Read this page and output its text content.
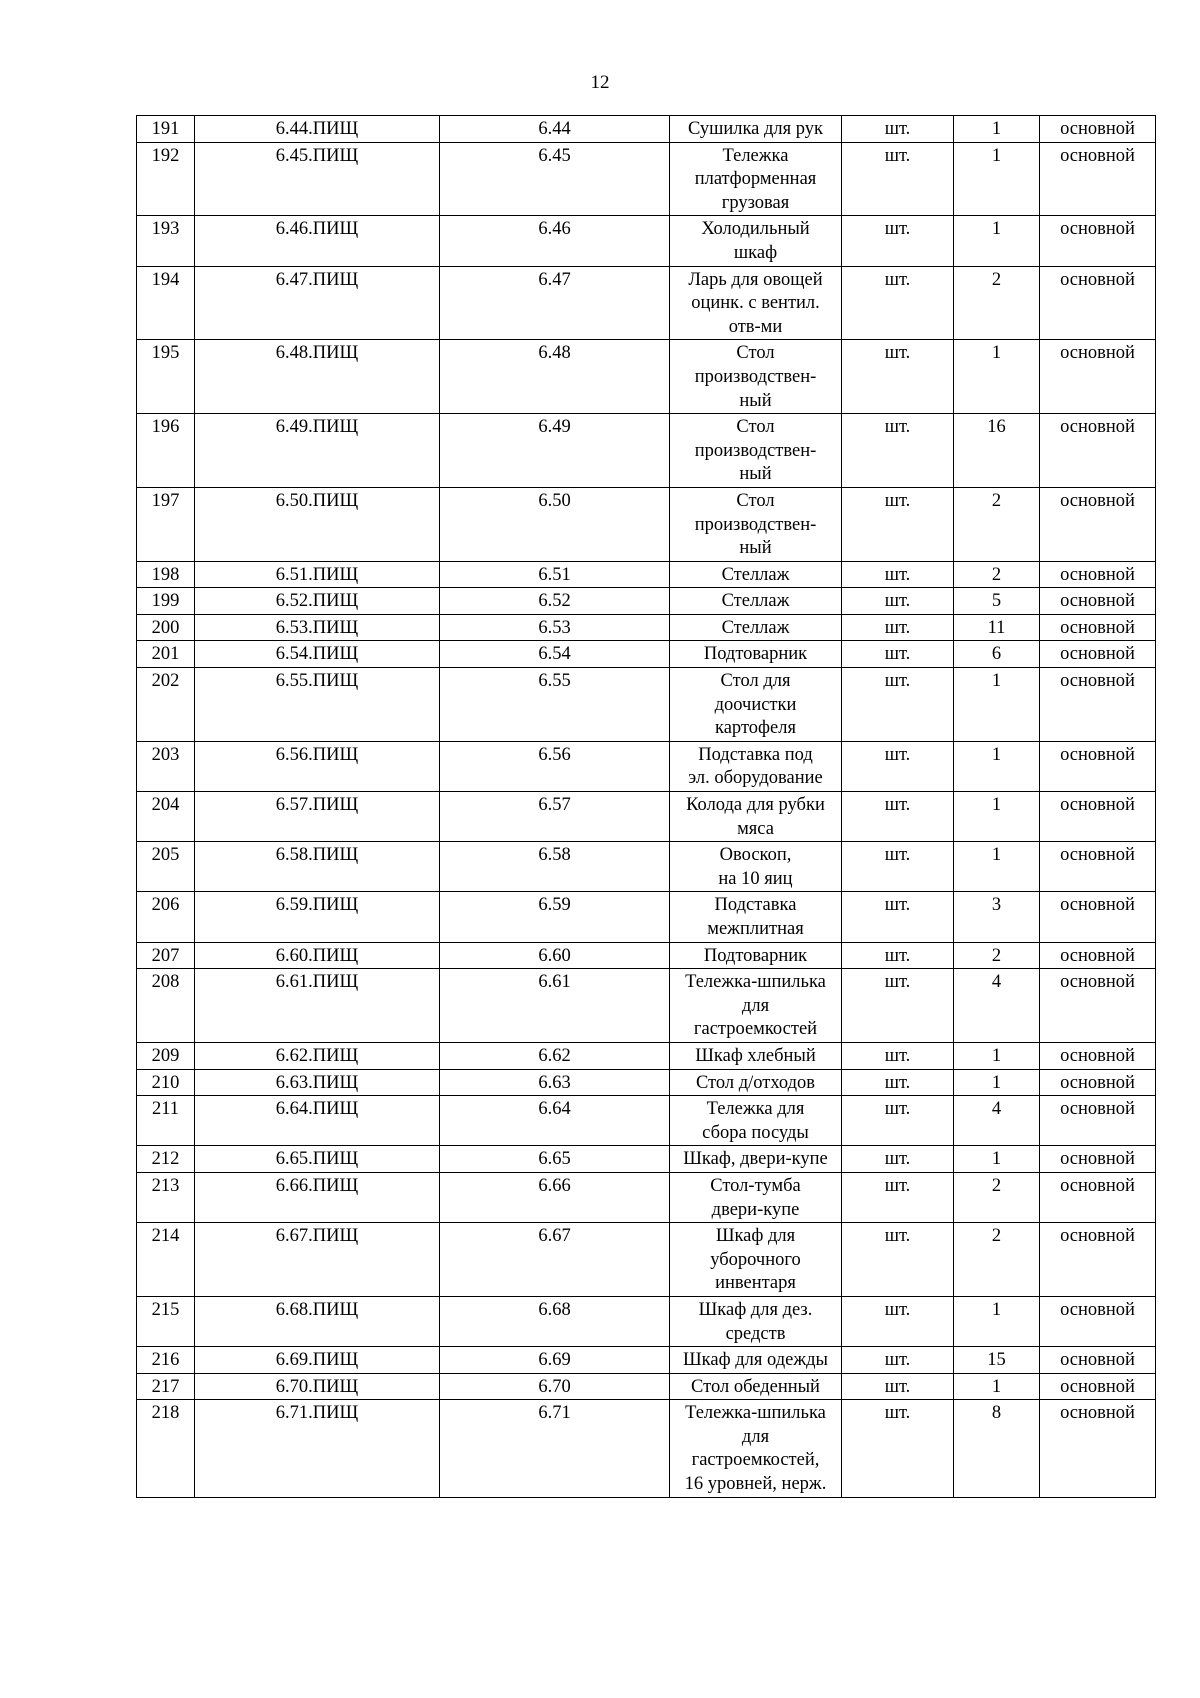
12
191	6.44.ПИЩ	6.44	Сушилка для рук	шт.	1	основной
192	6.45.ПИЩ	6.45	Тележка
платформенная
грузовая	шт.	1	основной
193	6.46.ПИЩ	6.46	Холодильный
шкаф	шт.	1	основной
194	6.47.ПИЩ	6.47	Ларь для овощей
оцинк. с вентил.
отв-ми	шт.	2	основной
195	6.48.ПИЩ	6.48	Стол
производствен-
ный	шт.	1	основной
196	6.49.ПИЩ	6.49	Стол
производствен-
ный	шт.	16	основной
197	6.50.ПИЩ	6.50	Стол
производствен-
ный	шт.	2	основной
198	6.51.ПИЩ	6.51	Стеллаж	шт.	2	основной
199	6.52.ПИЩ	6.52	Стеллаж	шт.	5	основной
200	6.53.ПИЩ	6.53	Стеллаж	шт.	11	основной
201	6.54.ПИЩ	6.54	Подтоварник	шт.	6	основной
202	6.55.ПИЩ	6.55	Стол для
доочистки
картофеля	шт.	1	основной
203	6.56.ПИЩ	6.56	Подставка под
эл. оборудование	шт.	1	основной
204	6.57.ПИЩ	6.57	Колода для рубки
мяса	шт.	1	основной
205	6.58.ПИЩ	6.58	Овоскоп,
на 10 яиц	шт.	1	основной
206	6.59.ПИЩ	6.59	Подставка
межплитная	шт.	3	основной
207	6.60.ПИЩ	6.60	Подтоварник	шт.	2	основной
208	6.61.ПИЩ	6.61	Тележка-шпилька
для
гастроемкостей	шт.	4	основной
209	6.62.ПИЩ	6.62	Шкаф хлебный	шт.	1	основной
210	6.63.ПИЩ	6.63	Стол д/отходов	шт.	1	основной
211	6.64.ПИЩ	6.64	Тележка для
сбора посуды	шт.	4	основной
212	6.65.ПИЩ	6.65	Шкаф, двери-купе	шт.	1	основной
213	6.66.ПИЩ	6.66	Стол-тумба
двери-купе	шт.	2	основной
214	6.67.ПИЩ	6.67	Шкаф для
уборочного
инвентаря	шт.	2	основной
215	6.68.ПИЩ	6.68	Шкаф для дез.
средств	шт.	1	основной
216	6.69.ПИЩ	6.69	Шкаф для одежды	шт.	15	основной
217	6.70.ПИЩ	6.70	Стол обеденный	шт.	1	основной
218	6.71.ПИЩ	6.71	Тележка-шпилька
для
гастроемкостей,
16 уровней, нерж.	шт.	8	основной
